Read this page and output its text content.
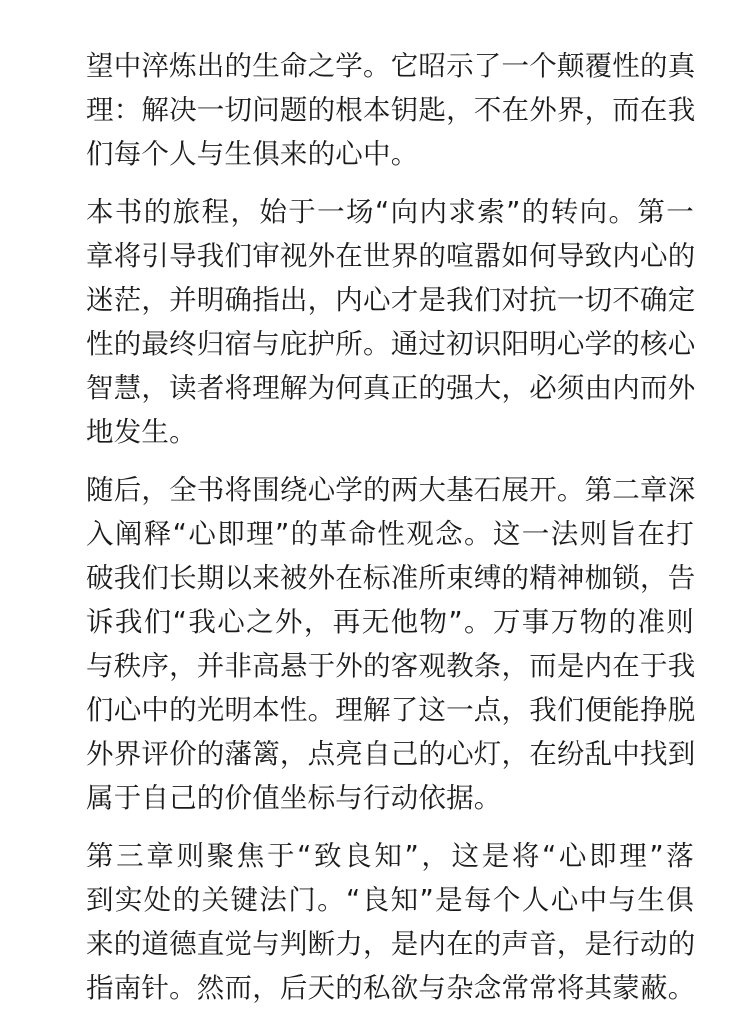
望中淬炼出的生命之学。它昭示了一个颠覆性的真
理：解决一切问题的根本钥匙，不在外界，而在我
们每个人与生俱来的心中。

本书的旅程，始于一场“向内求索”的转向。第一
章将引导我们审视外在世界的喧嚣如何导致内心的
迷茫，并明确指出，内心才是我们对抗一切不确定
性的最终归宿与庇护所。通过初识阳明心学的核心
智慧，读者将理解为何真正的强大，必须由内而外
地发生。

随后，全书将围绕心学的两大基石展开。第二章深
入阐释“心即理”的革命性观念。这一法则旨在打
破我们长期以来被外在标准所束缚的精神枷锁，告
诉我们“我心之外，再无他物”。万事万物的准则
与秩序，并非高悬于外的客观教条，而是内在于我
们心中的光明本性。理解了这一点，我们便能挣脱
外界评价的藩篱，点亮自己的心灯，在纷乱中找到
属于自己的价值坐标与行动依据。

第三章则聚焦于“致良知”，这是将“心即理”落
到实处的关键法门。“良知”是每个人心中与生俱
来的道德直觉与判断力，是内在的声音，是行动的
指南针。然而，后天的私欲与杂念常常将其蒙蔽。
